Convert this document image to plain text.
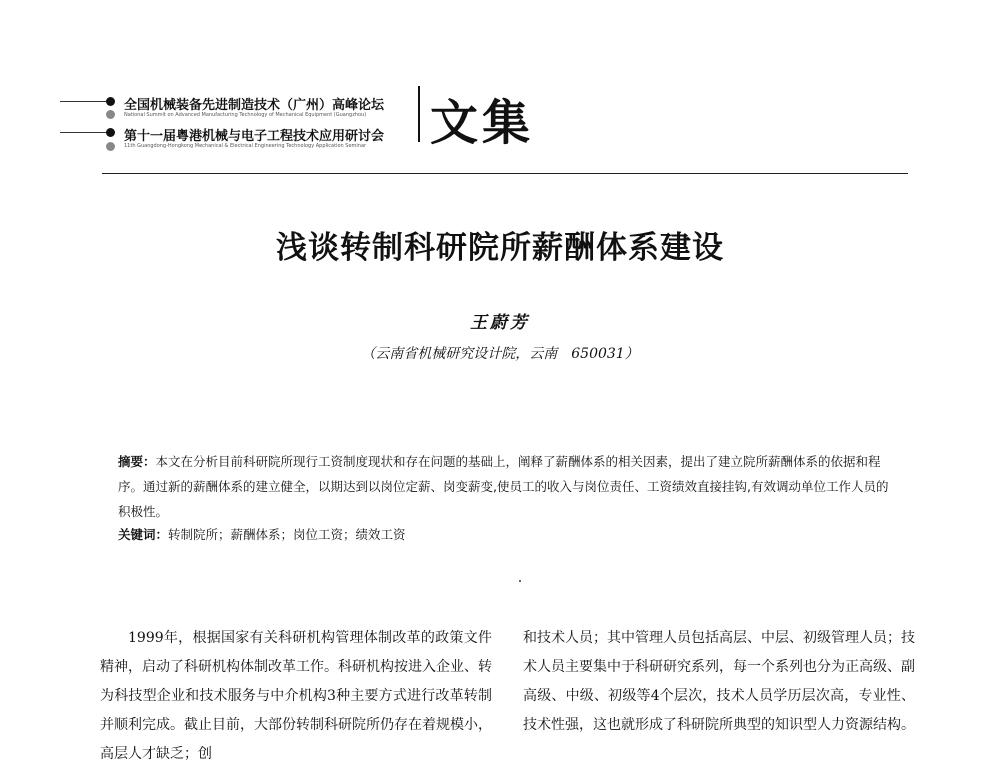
全国机械装备先进制造技术（广州）高峰论坛
National Summit on Advanced Manufacturing Technology of Mechanical Equipment (Guangzhou)
第十一届粤港机械与电子工程技术应用研讨会
11th Guangdong-Hongkong Mechanical & Electrical Engineering Technology Application Seminar 文集
浅谈转制科研院所薪酬体系建设
王蔚芳
（云南省机械研究设计院，云南　650031）
摘要：本文在分析目前科研院所现行工资制度现状和存在问题的基础上，阐释了薪酬体系的相关因素，提出了建立院所薪酬体系的依据和程序。通过新的薪酬体系的建立健全，以期达到以岗位定薪、岗变薪变,使员工的收入与岗位责任、工资绩效直接挂钩,有效调动单位工作人员的积极性。
关键词：转制院所；薪酬体系；岗位工资；绩效工资

1999年，根据国家有关科研机构管理体制改革的政策文件精神，启动了科研机构体制改革工作。科研机构按进入企业、转为科技型企业和技术服务与中介机构3种主要方式进行改革转制并顺利完成。截止目前，大部份转制科研院所仍存在着规模小，高层人才缺乏；创

和技术人员；其中管理人员包括高层、中层、初级管理人员；技术人员主要集中于科研研究系列，每一个系列也分为正高级、副高级、中级、初级等4个层次，技术人员学历层次高，专业性、技术性强，这也就形成了科研院所典型的知识型人力资源结构。
